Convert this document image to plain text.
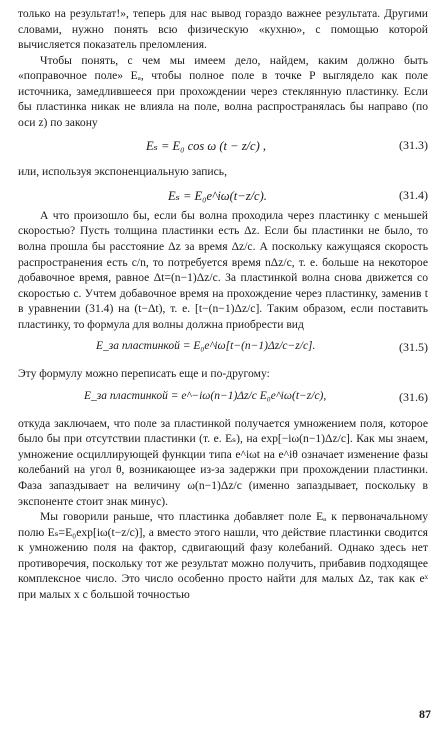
только на результат!», теперь для нас вывод гораздо важнее результата. Другими словами, нужно понять всю физическую «кухню», с помощью которой вычисляется показатель преломления.

Чтобы понять, с чем мы имеем дело, найдем, каким должно быть «поправочное поле» Eₐ, чтобы полное поле в точке P выглядело как поле источника, замедлившееся при прохождении через стеклянную пластинку. Если бы пластинка никак не влияла на поле, волна распространялась бы направо (по оси z) по закону

Eₛ = E₀ cos ω (t − z/c) ,	(31.3)

или, используя экспоненциальную запись,

Eₛ = E₀e^iω(t−z/c).	(31.4)

А что произошло бы, если бы волна проходила через пластинку с меньшей скоростью? Пусть толщина пластинки есть Δz. Если бы пластинки не было, то волна прошла бы расстояние Δz за время Δz/c. А поскольку кажущаяся скорость распространения есть c/n, то потребуется время nΔz/c, т. е. больше на некоторое добавочное время, равное Δt=(n−1)Δz/c. За пластинкой волна снова движется со скоростью c. Учтем добавочное время на прохождение через пластинку, заменив t в уравнении (31.4) на (t−Δt), т. е. [t−(n−1)Δz/c]. Таким образом, если поставить пластинку, то формула для волны должна приобрести вид

E_за пластинкой = E₀e^iω[t−(n−1)Δz/c−z/c].	(31.5)

Эту формулу можно переписать еще и по-другому:

E_за пластинкой = e^−iω(n−1)Δz/c E₀e^iω(t−z/c),	(31.6)

откуда заключаем, что поле за пластинкой получается умножением поля, которое было бы при отсутствии пластинки (т. е. Eₛ), на exp[−iω(n−1)Δz/c]. Как мы знаем, умножение осциллирующей функции типа e^iωt на e^iθ означает изменение фазы колебаний на угол θ, возникающее из-за задержки при прохождении пластинки. Фаза запаздывает на величину ω(n−1)Δz/c (именно запаздывает, поскольку в экспоненте стоит знак минус).

Мы говорили раньше, что пластинка добавляет поле Eₐ к первоначальному полю Eₛ=E₀exp[iω(t−z/c)], а вместо этого нашли, что действие пластинки сводится к умножению поля на фактор, сдвигающий фазу колебаний. Однако здесь нет противоречия, поскольку тот же результат можно получить, прибавив подходящее комплексное число. Это число особенно просто найти для малых Δz, так как eˣ при малых x с большой точностью

87
